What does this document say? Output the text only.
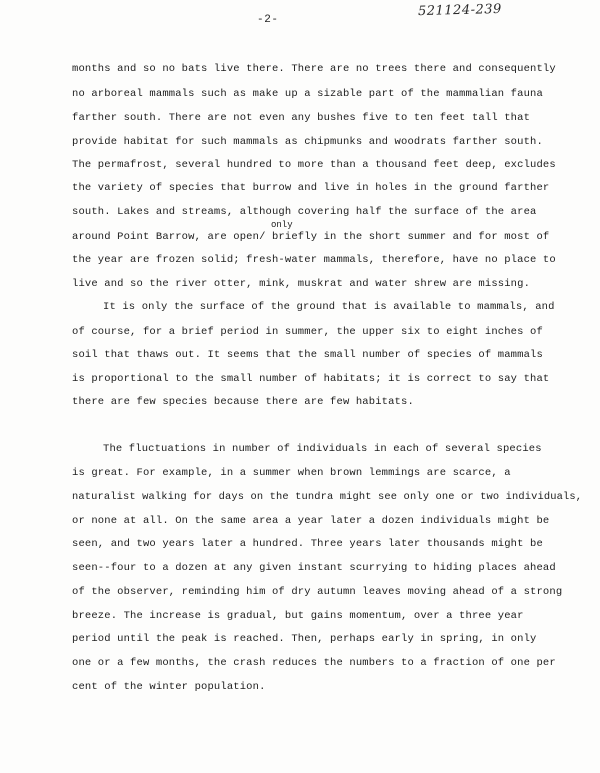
521124-239
-2-
months and so no bats live there. There are no trees there and consequently
no arboreal mammals such as make up a sizable part of the mammalian fauna
farther south. There are not even any bushes five to ten feet tall that
provide habitat for such mammals as chipmunks and woodrats farther south.
The permafrost, several hundred to more than a thousand feet deep, excludes
the variety of species that burrow and live in holes in the ground farther
south. Lakes and streams, although covering half the surface of the area
only
around Point Barrow, are open/ briefly in the short summer and for most of
the year are frozen solid; fresh-water mammals, therefore, have no place to
live and so the river otter, mink, muskrat and water shrew are missing.
It is only the surface of the ground that is available to mammals, and
of course, for a brief period in summer, the upper six to eight inches of
soil that thaws out. It seems that the small number of species of mammals
is proportional to the small number of habitats; it is correct to say that
there are few species because there are few habitats.
The fluctuations in number of individuals in each of several species
is great. For example, in a summer when brown lemmings are scarce, a
naturalist walking for days on the tundra might see only one or two individuals,
or none at all. On the same area a year later a dozen individuals might be
seen, and two years later a hundred. Three years later thousands might be
seen--four to a dozen at any given instant scurrying to hiding places ahead
of the observer, reminding him of dry autumn leaves moving ahead of a strong
breeze. The increase is gradual, but gains momentum, over a three year
period until the peak is reached. Then, perhaps early in spring, in only
one or a few months, the crash reduces the numbers to a fraction of one per
cent of the winter population.
